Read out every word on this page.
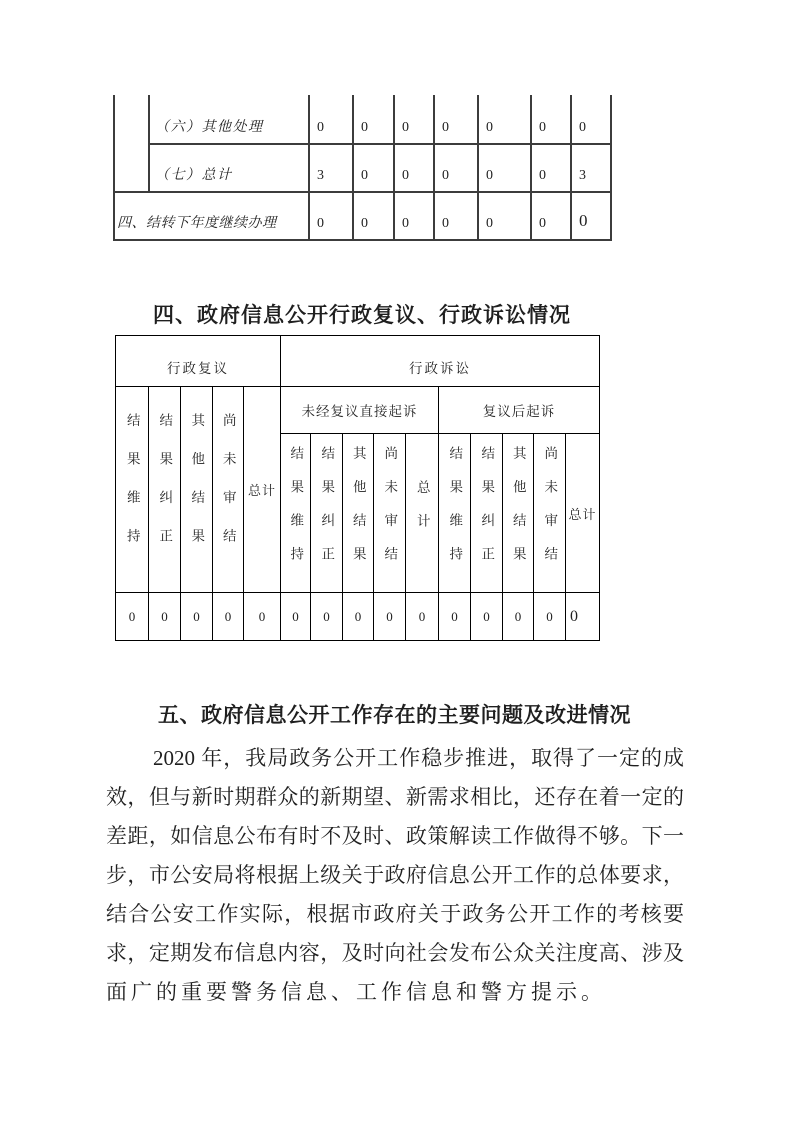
	（六）其他处理	0	0	0	0	0	0	0
	（七）总计	3	0	0	0	0	0	3
四、结转下年度继续办理		0	0	0	0	0	0	0
四、政府信息公开行政复议、行政诉讼情况
行政复议					行政诉讼									

结果维持	结果纠正	其他结果	尚未审结	总计	未经复议直接起诉					复议后起诉				

					结果维持	结果纠正	其他结果	尚未审结	总计	结果维持	结果纠正	其他结果	尚未审结	总计
0	0	0	0	0	0	0	0	0	0	0	0	0	0	0
五、政府信息公开工作存在的主要问题及改进情况
2020 年，我局政务公开工作稳步推进，取得了一定的成
效，但与新时期群众的新期望、新需求相比，还存在着一定的
差距，如信息公布有时不及时、政策解读工作做得不够。下一
步，市公安局将根据上级关于政府信息公开工作的总体要求，
结合公安工作实际，根据市政府关于政务公开工作的考核要
求，定期发布信息内容，及时向社会发布公众关注度高、涉及
面广的重要警务信息、工作信息和警方提示。
